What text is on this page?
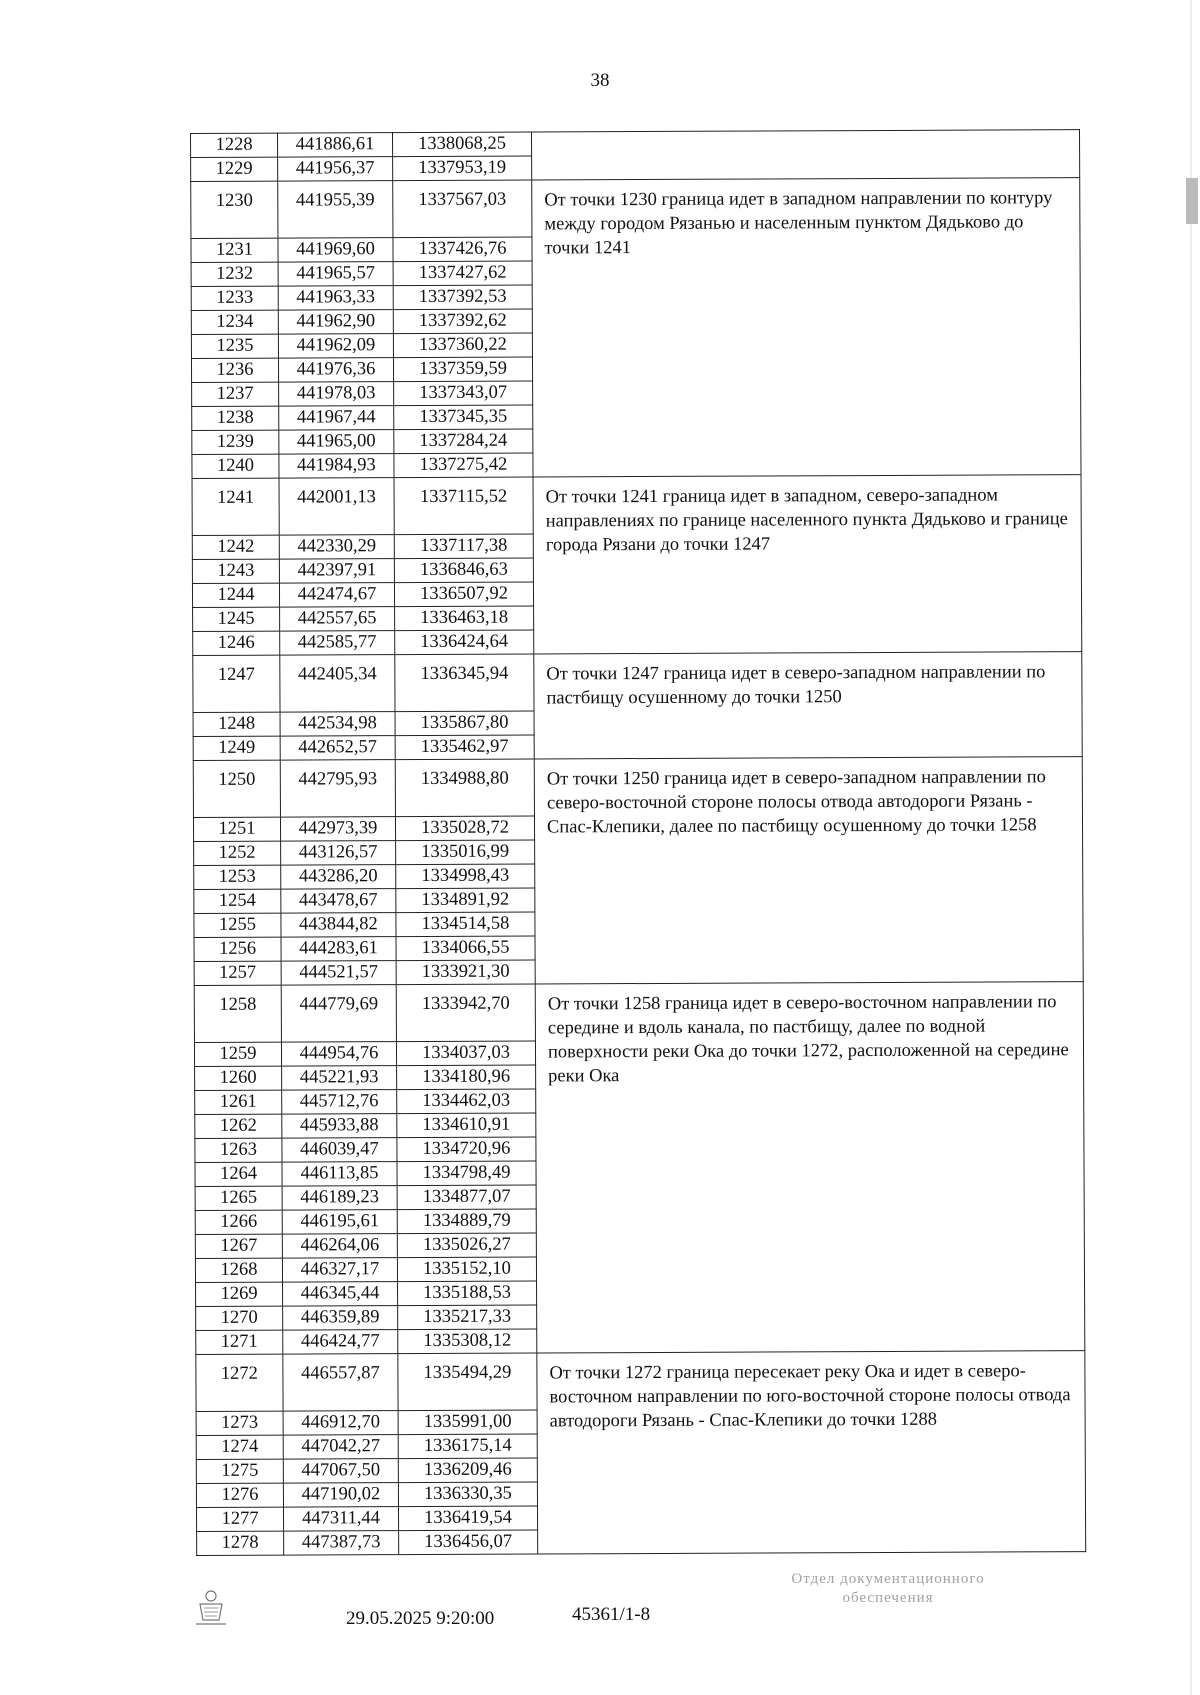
38
1228	441886,61	1338068,25	
1229	441956,37	1337953,19	
1230	441955,39	1337567,03	От точки 1230 граница идет в западном направлении по контуру между городом Рязанью и населенным пунктом Дядьково до точки 1241
1231	441969,60	1337426,76	
1232	441965,57	1337427,62	
1233	441963,33	1337392,53	
1234	441962,90	1337392,62	
1235	441962,09	1337360,22	
1236	441976,36	1337359,59	
1237	441978,03	1337343,07	
1238	441967,44	1337345,35	
1239	441965,00	1337284,24	
1240	441984,93	1337275,42	
1241	442001,13	1337115,52	От точки 1241 граница идет в западном, северо-западном направлениях по границе населенного пункта Дядьково и границе города Рязани до точки 1247
1242	442330,29	1337117,38	
1243	442397,91	1336846,63	
1244	442474,67	1336507,92	
1245	442557,65	1336463,18	
1246	442585,77	1336424,64	
1247	442405,34	1336345,94	От точки 1247 граница идет в северо-западном направлении по пастбищу осушенному до точки 1250
1248	442534,98	1335867,80	
1249	442652,57	1335462,97	
1250	442795,93	1334988,80	От точки 1250 граница идет в северо-западном направлении по северо-восточной стороне полосы отвода автодороги Рязань - Спас-Клепики, далее по пастбищу осушенному до точки 1258
1251	442973,39	1335028,72	
1252	443126,57	1335016,99	
1253	443286,20	1334998,43	
1254	443478,67	1334891,92	
1255	443844,82	1334514,58	
1256	444283,61	1334066,55	
1257	444521,57	1333921,30	
1258	444779,69	1333942,70	От точки 1258 граница идет в северо-восточном направлении по середине и вдоль канала, по пастбищу, далее по водной поверхности реки Ока до точки 1272, расположенной на середине реки Ока
1259	444954,76	1334037,03	
1260	445221,93	1334180,96	
1261	445712,76	1334462,03	
1262	445933,88	1334610,91	
1263	446039,47	1334720,96	
1264	446113,85	1334798,49	
1265	446189,23	1334877,07	
1266	446195,61	1334889,79	
1267	446264,06	1335026,27	
1268	446327,17	1335152,10	
1269	446345,44	1335188,53	
1270	446359,89	1335217,33	
1271	446424,77	1335308,12	
1272	446557,87	1335494,29	От точки 1272 граница пересекает реку Ока и идет в северо-восточном направлении по юго-восточной стороне полосы отвода автодороги Рязань - Спас-Клепики до точки 1288
1273	446912,70	1335991,00	
1274	447042,27	1336175,14	
1275	447067,50	1336209,46	
1276	447190,02	1336330,35	
1277	447311,44	1336419,54	
1278	447387,73	1336456,07	
29.05.2025 9:20:00	45361/1-8
Отдел документационного
обеспечения
